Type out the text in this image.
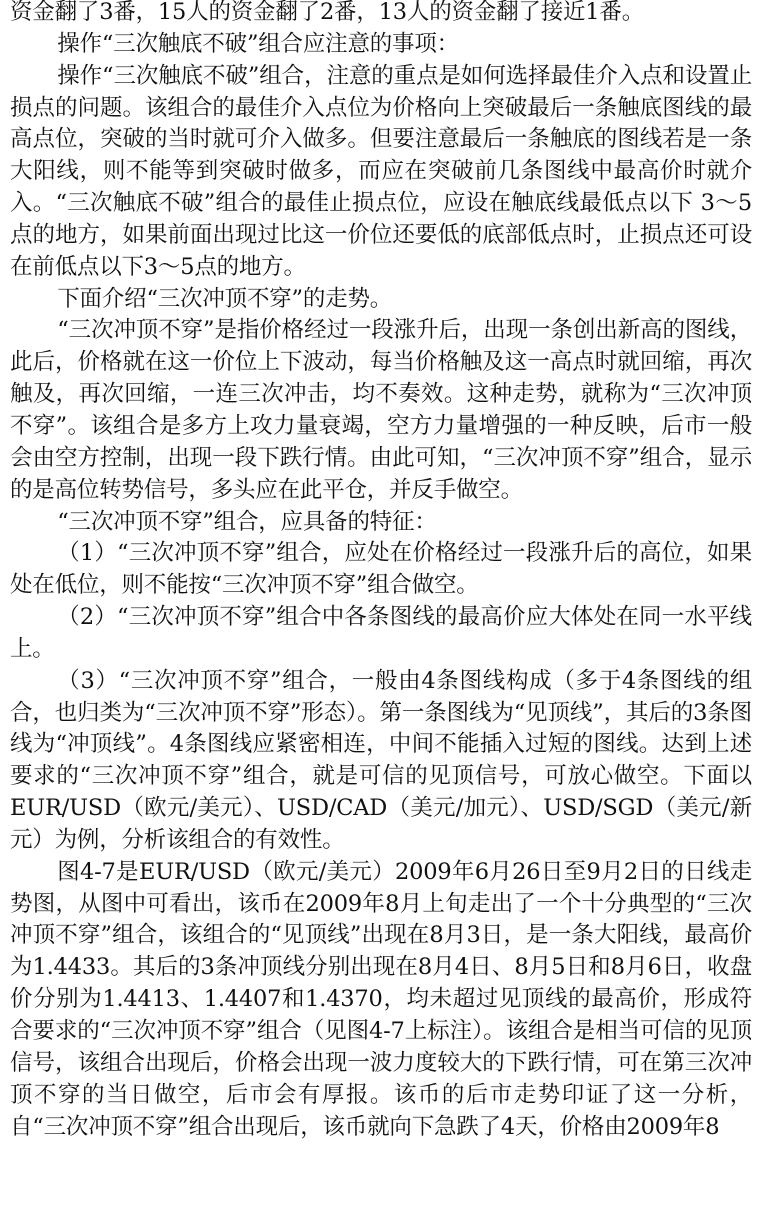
资金翻了3番，15人的资金翻了2番，13人的资金翻了接近1番。

操作“三次触底不破”组合应注意的事项：

操作“三次触底不破”组合，注意的重点是如何选择最佳介入点和设置止损点的问题。该组合的最佳介入点位为价格向上突破最后一条触底图线的最高点位，突破的当时就可介入做多。但要注意最后一条触底的图线若是一条大阳线，则不能等到突破时做多，而应在突破前几条图线中最高价时就介入。“三次触底不破”组合的最佳止损点位，应设在触底线最低点以下 3～5点的地方，如果前面出现过比这一价位还要低的底部低点时，止损点还可设在前低点以下3～5点的地方。

下面介绍“三次冲顶不穿”的走势。

“三次冲顶不穿”是指价格经过一段涨升后，出现一条创出新高的图线，此后，价格就在这一价位上下波动，每当价格触及这一高点时就回缩，再次触及，再次回缩，一连三次冲击，均不奏效。这种走势，就称为“三次冲顶不穿”。该组合是多方上攻力量衰竭，空方力量增强的一种反映，后市一般会由空方控制，出现一段下跌行情。由此可知，“三次冲顶不穿”组合，显示的是高位转势信号，多头应在此平仓，并反手做空。

“三次冲顶不穿”组合，应具备的特征：

（1）“三次冲顶不穿”组合，应处在价格经过一段涨升后的高位，如果处在低位，则不能按“三次冲顶不穿”组合做空。

（2）“三次冲顶不穿”组合中各条图线的最高价应大体处在同一水平线上。

（3）“三次冲顶不穿”组合，一般由4条图线构成（多于4条图线的组合，也归类为“三次冲顶不穿”形态）。第一条图线为“见顶线”，其后的3条图线为“冲顶线”。4条图线应紧密相连，中间不能插入过短的图线。达到上述要求的“三次冲顶不穿”组合，就是可信的见顶信号，可放心做空。下面以EUR/USD（欧元/美元）、USD/CAD（美元/加元）、USD/SGD（美元/新元）为例，分析该组合的有效性。

图4-7是EUR/USD（欧元/美元）2009年6月26日至9月2日的日线走势图，从图中可看出，该币在2009年8月上旬走出了一个十分典型的“三次冲顶不穿”组合，该组合的“见顶线”出现在8月3日，是一条大阳线，最高价为1.4433。其后的3条冲顶线分别出现在8月4日、8月5日和8月6日，收盘价分别为1.4413、1.4407和1.4370，均未超过见顶线的最高价，形成符合要求的“三次冲顶不穿”组合（见图4-7上标注）。该组合是相当可信的见顶信号，该组合出现后，价格会出现一波力度较大的下跌行情，可在第三次冲顶不穿的当日做空，后市会有厚报。该币的后市走势印证了这一分析，自“三次冲顶不穿”组合出现后，该币就向下急跌了4天，价格由2009年8
